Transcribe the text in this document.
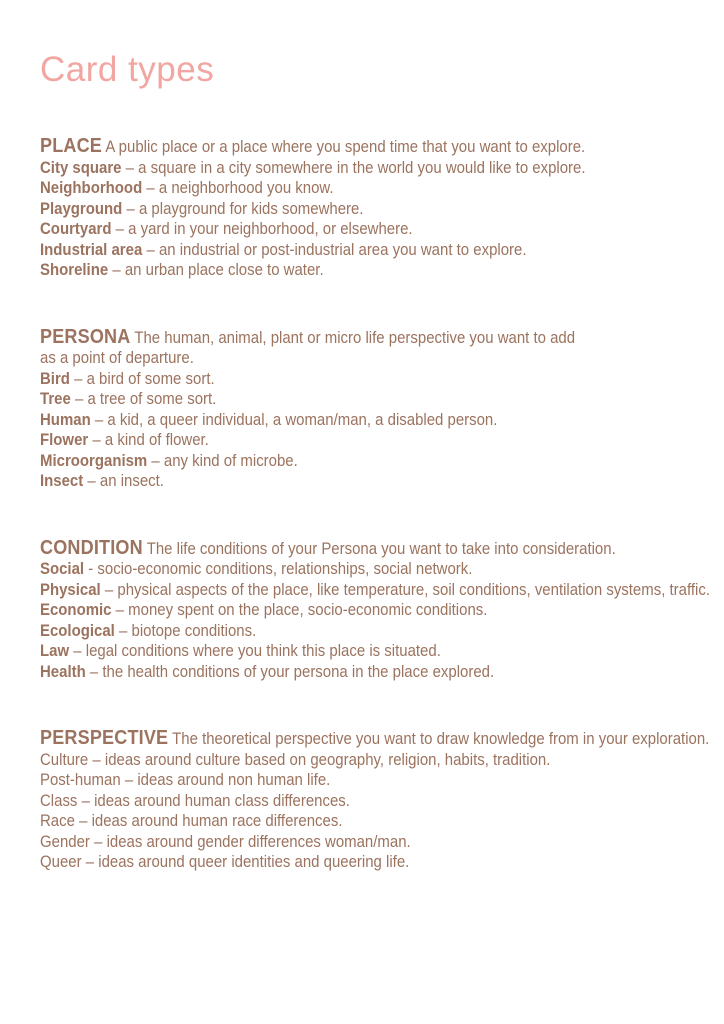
Card types

PLACE A public place or a place where you spend time that you want to explore.

City square – a square in a city somewhere in the world you would like to explore.

Neighborhood – a neighborhood you know.

Playground – a playground for kids somewhere.

Courtyard – a yard in your neighborhood, or elsewhere.

Industrial area – an industrial or post-industrial area you want to explore.

Shoreline – an urban place close to water.

PERSONA The human, animal, plant or micro life perspective you want to add

as a point of departure.

Bird – a bird of some sort.

Tree – a tree of some sort.

Human – a kid, a queer individual, a woman/man, a disabled person.

Flower – a kind of flower.

Microorganism – any kind of microbe.

Insect – an insect.

CONDITION The life conditions of your Persona you want to take into consideration.

Social - socio-economic conditions, relationships, social network.

Physical – physical aspects of the place, like temperature, soil conditions, ventilation systems, traffic.

Economic – money spent on the place, socio-economic conditions.

Ecological – biotope conditions.

Law – legal conditions where you think this place is situated.

Health – the health conditions of your persona in the place explored.

PERSPECTIVE The theoretical perspective you want to draw knowledge from in your exploration.

Culture – ideas around culture based on geography, religion, habits, tradition.

Post-human – ideas around non human life.

Class – ideas around human class differences.

Race – ideas around human race differences.

Gender – ideas around gender differences woman/man.

Queer – ideas around queer identities and queering life.
